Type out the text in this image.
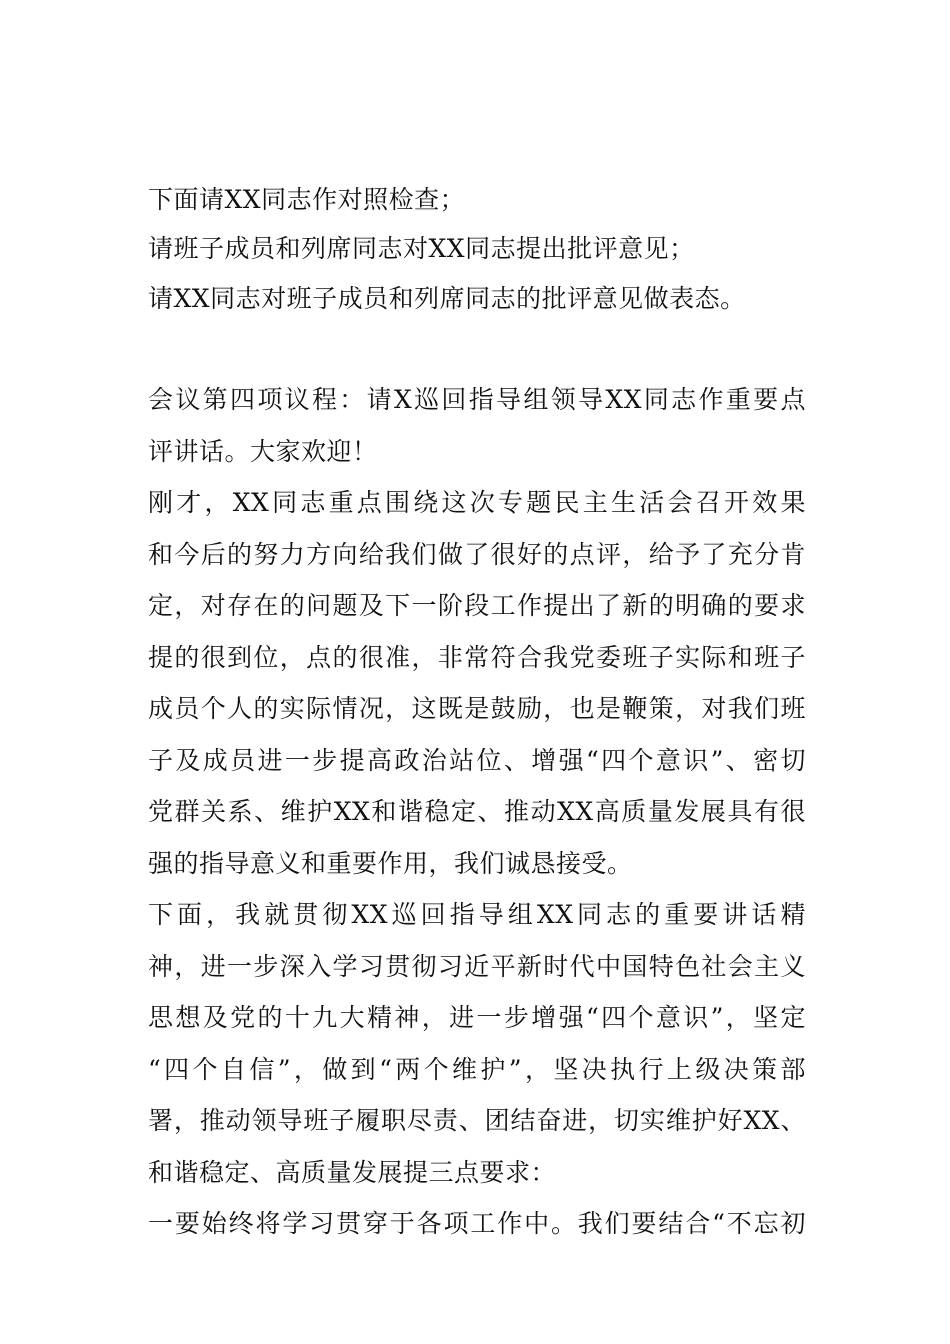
下面请XX同志作对照检查；
请班子成员和列席同志对XX同志提出批评意见；
请XX同志对班子成员和列席同志的批评意见做表态。
会议第四项议程：请X巡回指导组领导XX同志作重要点
评讲话。大家欢迎！
刚才，XX同志重点围绕这次专题民主生活会召开效果
和今后的努力方向给我们做了很好的点评，给予了充分肯
定，对存在的问题及下一阶段工作提出了新的明确的要求
提的很到位，点的很准，非常符合我党委班子实际和班子
成员个人的实际情况，这既是鼓励，也是鞭策，对我们班
子及成员进一步提高政治站位、增强“四个意识”、密切
党群关系、维护XX和谐稳定、推动XX高质量发展具有很
强的指导意义和重要作用，我们诚恳接受。
下面，我就贯彻XX巡回指导组XX同志的重要讲话精
神，进一步深入学习贯彻习近平新时代中国特色社会主义
思想及党的十九大精神，进一步增强“四个意识”，坚定
“四个自信”，做到“两个维护”，坚决执行上级决策部
署，推动领导班子履职尽责、团结奋进，切实维护好XX、
和谐稳定、高质量发展提三点要求：
一要始终将学习贯穿于各项工作中。我们要结合“不忘初
